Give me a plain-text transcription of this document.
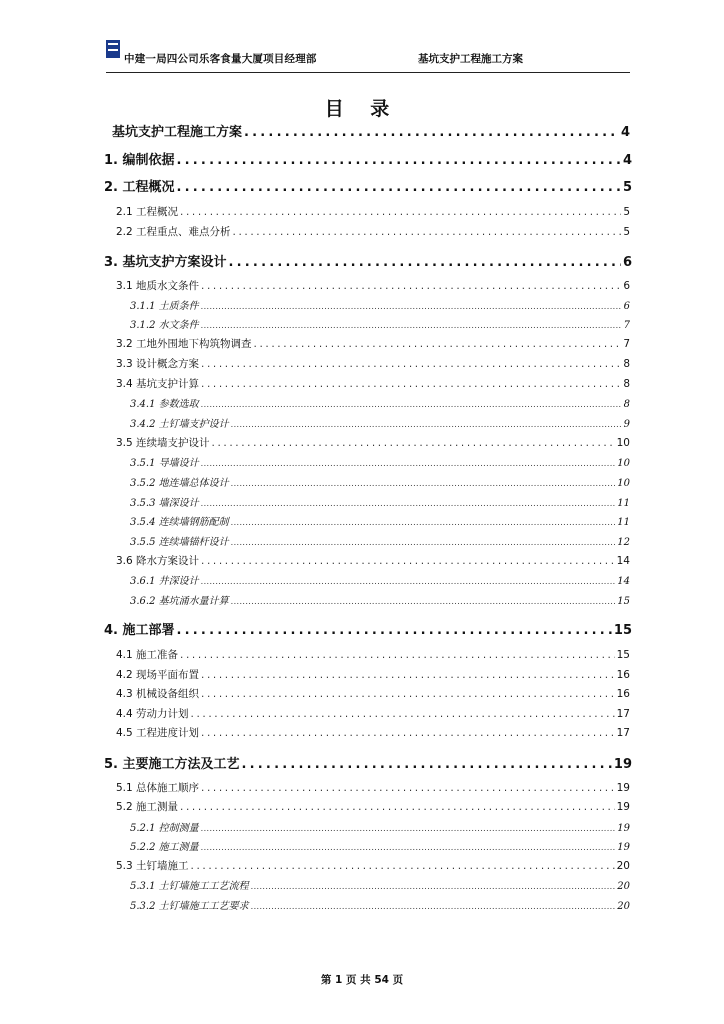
中建一局四公司乐客食量大厦项目经理部	基坑支护工程施工方案
目 录
基坑支护工程施工方案 .....	4
1. 编制依据 .....	4
2. 工程概况 .....	5
2.1 工程概况 .....	5
2.2 工程重点、难点分析 .....	5
3. 基坑支护方案设计 .....	6
3.1 地质水文条件 .....	6
3.1.1 土质条件 .....	6
3.1.2 水文条件 .....	7
3.2 工地外围地下构筑物调查 .....	7
3.3 设计概念方案 .....	8
3.4 基坑支护计算 .....	8
3.4.1 参数选取 .....	8
3.4.2 土钉墙支护设计 .....	9
3.5 连续墙支护设计 .....	10
3.5.1 导墙设计 .....	10
3.5.2 地连墙总体设计 .....	10
3.5.3 墙深设计 .....	11
3.5.4 连续墙钢筋配制 .....	11
3.5.5 连续墙锚杆设计 .....	12
3.6 降水方案设计 .....	14
3.6.1 井深设计 .....	14
3.6.2 基坑涌水量计算 .....	15
4. 施工部署 .....	15
4.1 施工准备 .....	15
4.2 现场平面布置 .....	16
4.3 机械设备组织 .....	16
4.4 劳动力计划 .....	17
4.5 工程进度计划 .....	17
5. 主要施工方法及工艺 .....	19
5.1 总体施工顺序 .....	19
5.2 施工测量 .....	19
5.2.1 控制测量 .....	19
5.2.2 施工测量 .....	19
5.3 土钉墙施工 .....	20
5.3.1 土钉墙施工工艺流程 .....	20
5.3.2 土钉墙施工工艺要求 .....	20
第 1 页 共 54 页
